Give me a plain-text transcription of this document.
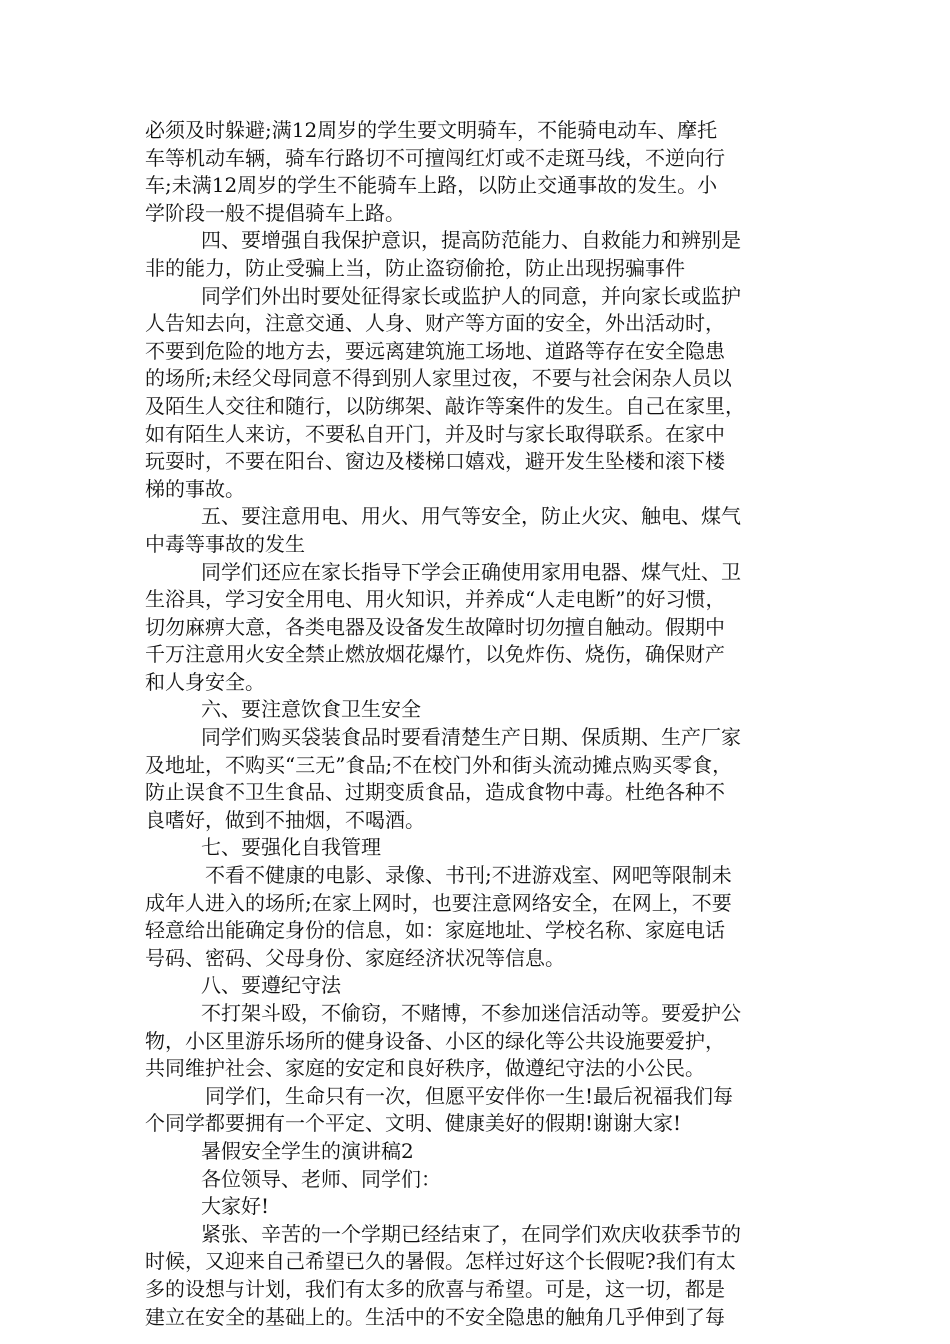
必须及时躲避;满12周岁的学生要文明骑车，不能骑电动车、摩托
车等机动车辆，骑车行路切不可擅闯红灯或不走斑马线，不逆向行
车;未满12周岁的学生不能骑车上路，以防止交通事故的发生。小
学阶段一般不提倡骑车上路。
四、要增强自我保护意识，提高防范能力、自救能力和辨别是
非的能力，防止受骗上当，防止盗窃偷抢，防止出现拐骗事件
同学们外出时要处征得家长或监护人的同意，并向家长或监护
人告知去向，注意交通、人身、财产等方面的安全，外出活动时，
不要到危险的地方去，要远离建筑施工场地、道路等存在安全隐患
的场所;未经父母同意不得到别人家里过夜，不要与社会闲杂人员以
及陌生人交往和随行，以防绑架、敲诈等案件的发生。自己在家里，
如有陌生人来访，不要私自开门，并及时与家长取得联系。在家中
玩耍时，不要在阳台、窗边及楼梯口嬉戏，避开发生坠楼和滚下楼
梯的事故。
五、要注意用电、用火、用气等安全，防止火灾、触电、煤气
中毒等事故的发生
同学们还应在家长指导下学会正确使用家用电器、煤气灶、卫
生浴具，学习安全用电、用火知识，并养成“人走电断”的好习惯，
切勿麻痹大意，各类电器及设备发生故障时切勿擅自触动。假期中
千万注意用火安全禁止燃放烟花爆竹，以免炸伤、烧伤，确保财产
和人身安全。
六、要注意饮食卫生安全
同学们购买袋装食品时要看清楚生产日期、保质期、生产厂家
及地址，不购买“三无”食品;不在校门外和街头流动摊点购买零食，
防止误食不卫生食品、过期变质食品，造成食物中毒。杜绝各种不
良嗜好，做到不抽烟，不喝酒。
七、要强化自我管理
不看不健康的电影、录像、书刊;不进游戏室、网吧等限制未
成年人进入的场所;在家上网时，也要注意网络安全，在网上，不要
轻意给出能确定身份的信息，如：家庭地址、学校名称、家庭电话
号码、密码、父母身份、家庭经济状况等信息。
八、要遵纪守法
不打架斗殴，不偷窃，不赌博，不参加迷信活动等。要爱护公
物，小区里游乐场所的健身设备、小区的绿化等公共设施要爱护，
共同维护社会、家庭的安定和良好秩序，做遵纪守法的小公民。
同学们，生命只有一次，但愿平安伴你一生!最后祝福我们每
个同学都要拥有一个平定、文明、健康美好的假期!谢谢大家!
暑假安全学生的演讲稿2
各位领导、老师、同学们：
大家好!
紧张、辛苦的一个学期已经结束了，在同学们欢庆收获季节的
时候，又迎来自己希望已久的暑假。怎样过好这个长假呢?我们有太
多的设想与计划，我们有太多的欣喜与希望。可是，这一切，都是
建立在安全的基础上的。生活中的不安全隐患的触角几乎伸到了每
